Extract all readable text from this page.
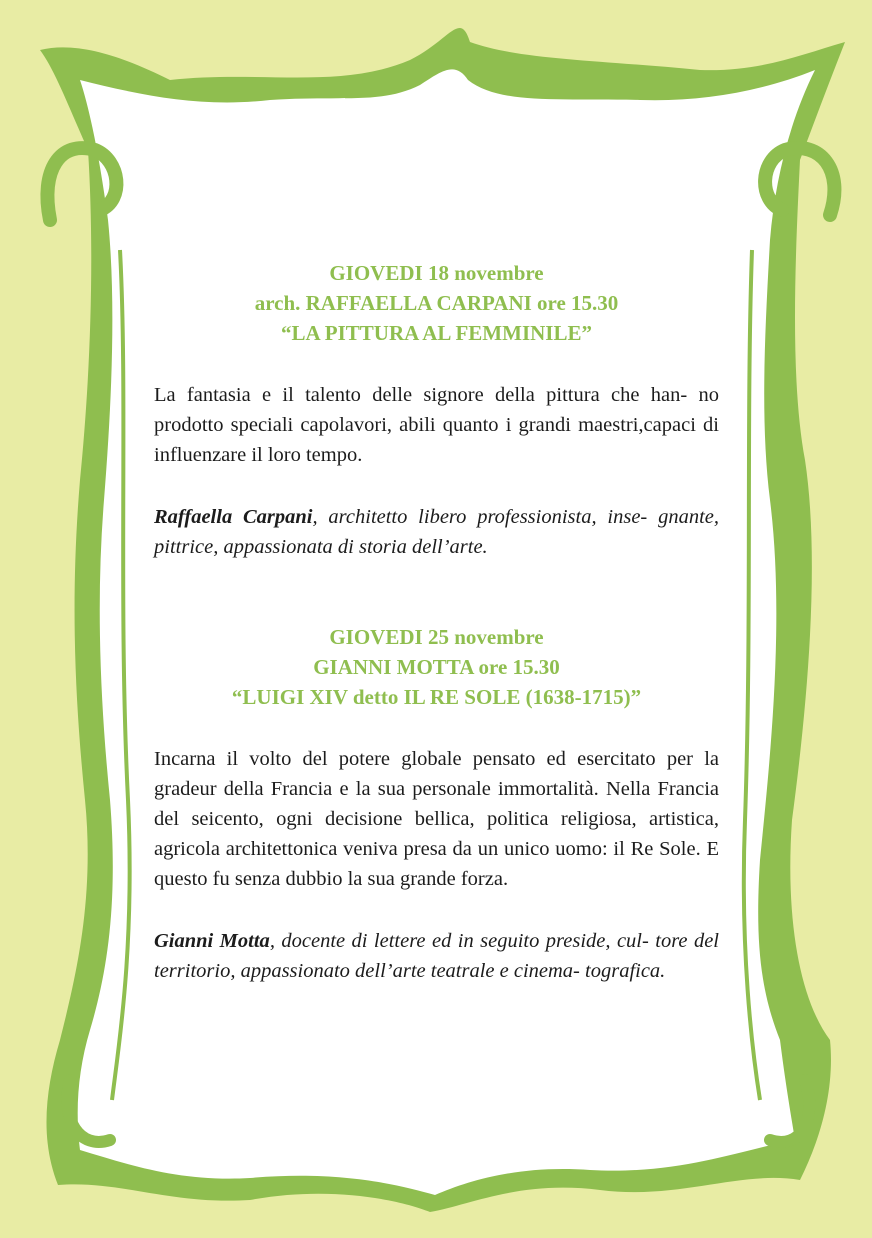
GIOVEDI 18 novembre
arch. RAFFAELLA CARPANI ore 15.30
“LA PITTURA AL FEMMINILE”

La fantasia e il talento delle signore della pittura che han- no prodotto speciali capolavori, abili quanto i grandi maestri,capaci di influenzare il loro tempo.

Raffaella Carpani, architetto libero professionista, inse- gnante, pittrice, appassionata di storia dell’arte.

GIOVEDI 25 novembre
GIANNI MOTTA ore 15.30
“LUIGI XIV detto IL RE SOLE (1638-1715)”

Incarna il volto del potere globale pensato ed esercitato per la gradeur della Francia e la sua personale immortalità. Nella Francia del seicento, ogni decisione bellica, politica religiosa, artistica, agricola architettonica veniva presa da un unico uomo: il Re Sole. E questo fu senza dubbio la sua grande forza.

Gianni Motta, docente di lettere ed in seguito preside, cul- tore del territorio, appassionato dell’arte teatrale e cinema- tografica.
